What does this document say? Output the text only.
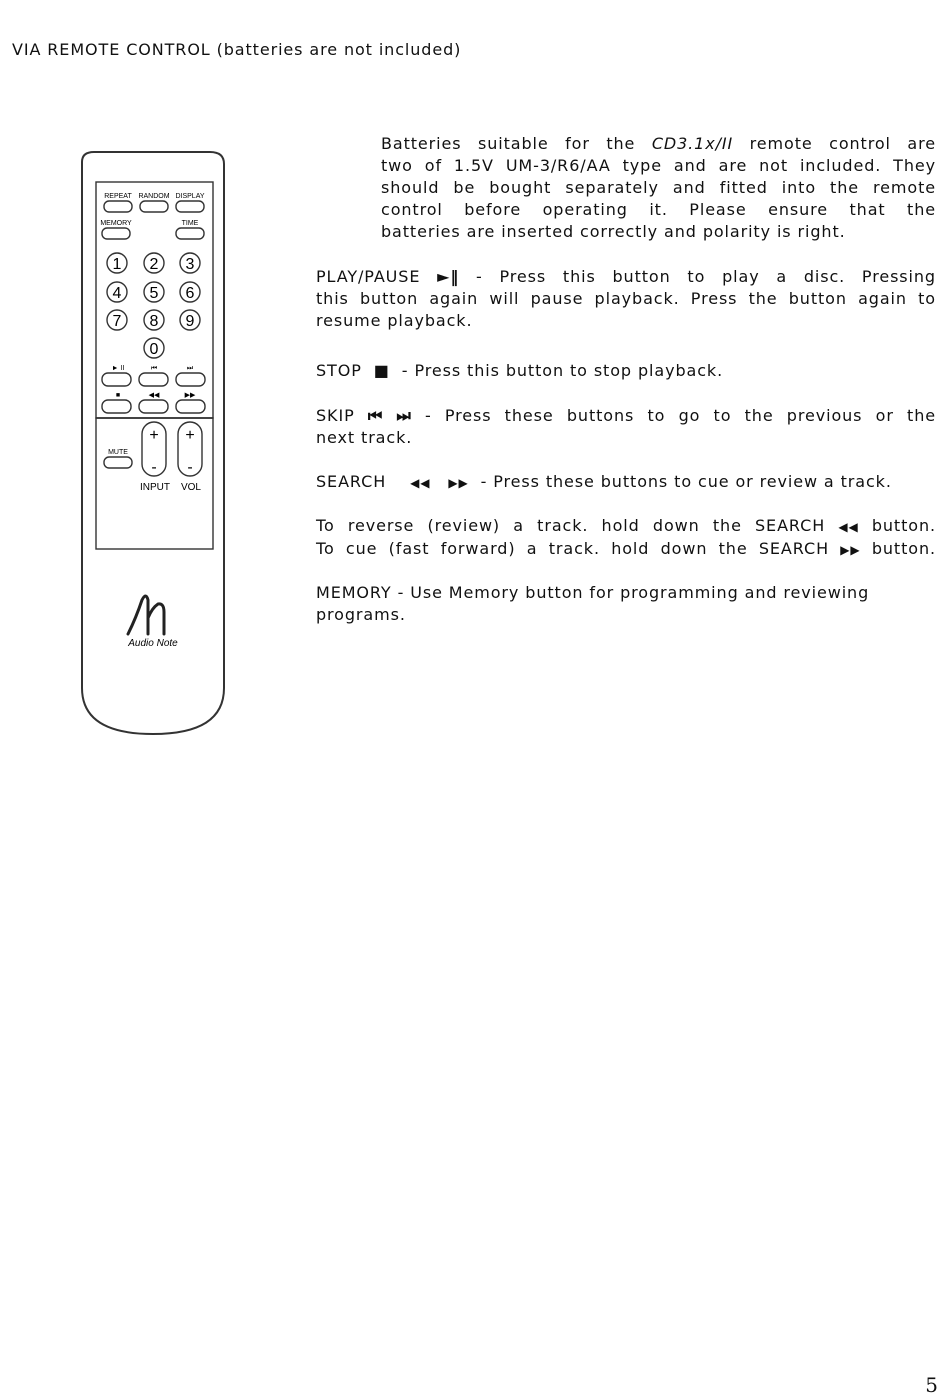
VIA REMOTE CONTROL (batteries are not included)
REPEAT RANDOM DISPLAY
MEMORY	TIME
1 2 3
4 5 6
7 8 9
0
► II	⏮	⏭
■	◀◀	▶▶
MUTE
+
-
+
-
INPUT VOL
Audio Note
Batteries suitable for the CD3.1x/II remote control are
two of 1.5V UM-3/R6/AA type and are not included. They
should be bought separately and fitted into the remote
control before operating it. Please ensure that the
batteries are inserted correctly and polarity is right.
PLAY/PAUSE ►‖ - Press this button to play a disc. Pressing
this button again will pause playback. Press the button again to
resume playback.
STOP ■ - Press this button to stop playback.
SKIP ⏮ ⏭ - Press these buttons to go to the previous or the
next track.
SEARCH ◀◀ ▶▶ - Press these buttons to cue or review a track.
To reverse (review) a track. hold down the SEARCH ◀◀ button.
To cue (fast forward) a track. hold down the SEARCH ▶▶ button.
MEMORY - Use Memory button for programming and reviewing
programs.
5
